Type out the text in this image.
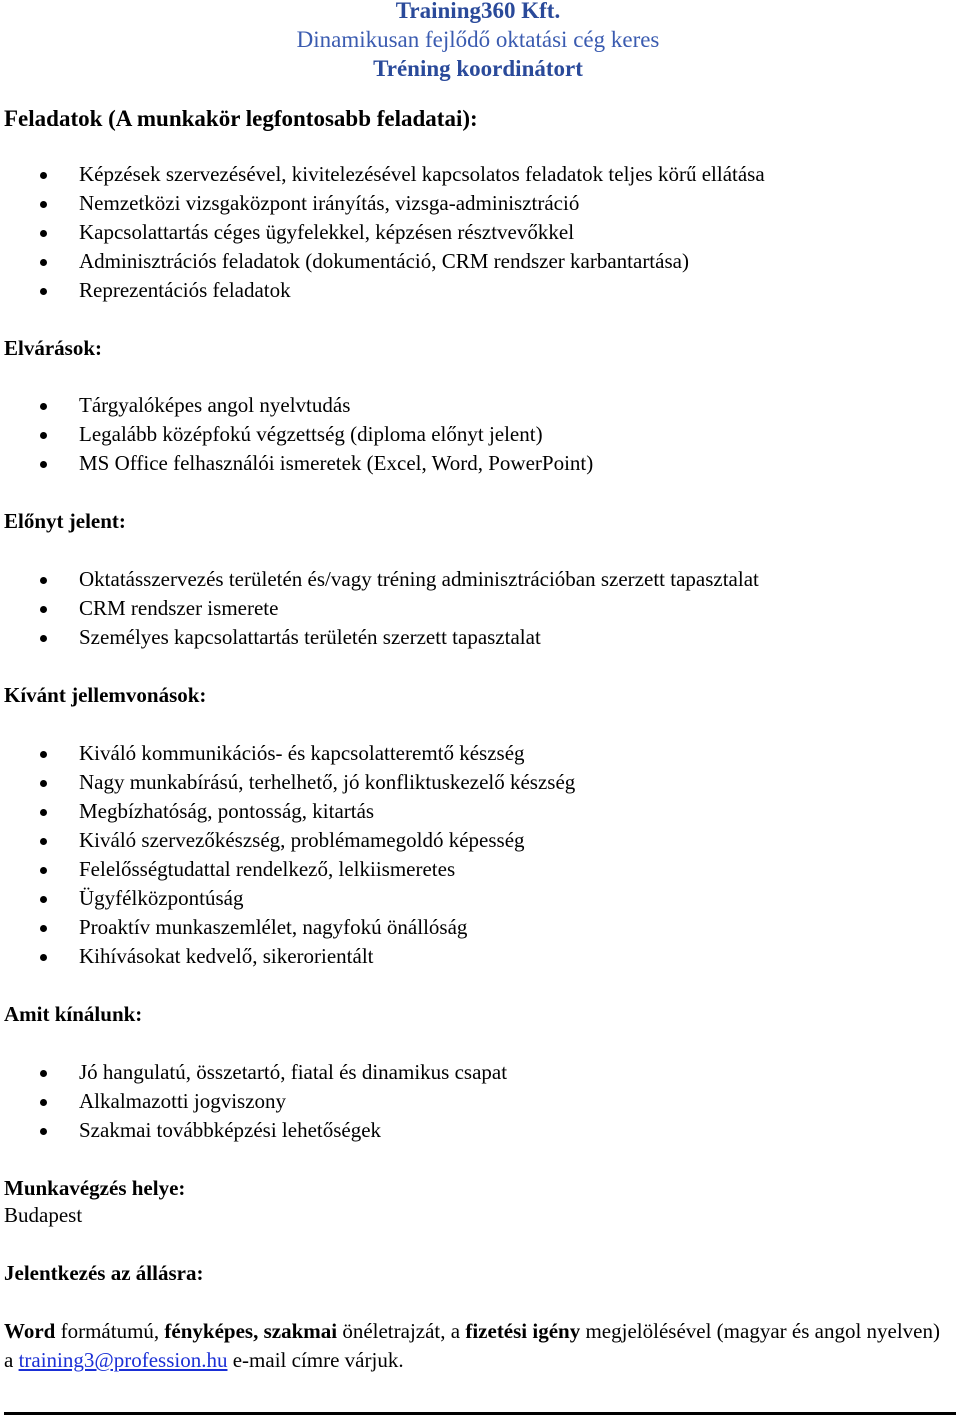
Training360 Kft.
Dinamikusan fejlődő oktatási cég keres
Tréning koordinátort

Feladatok (A munkakör legfontosabb feladatai):

Képzések szervezésével, kivitelezésével kapcsolatos feladatok teljes körű ellátása
Nemzetközi vizsgaközpont irányítás, vizsga-adminisztráció
Kapcsolattartás céges ügyfelekkel, képzésen résztvevőkkel
Adminisztrációs feladatok (dokumentáció, CRM rendszer karbantartása)
Reprezentációs feladatok

Elvárások:

Tárgyalóképes angol nyelvtudás
Legalább középfokú végzettség (diploma előnyt jelent)
MS Office felhasználói ismeretek (Excel, Word, PowerPoint)

Előnyt jelent:

Oktatásszervezés területén és/vagy tréning adminisztrációban szerzett tapasztalat
CRM rendszer ismerete
Személyes kapcsolattartás területén szerzett tapasztalat

Kívánt jellemvonások:

Kiváló kommunikációs- és kapcsolatteremtő készség
Nagy munkabírású, terhelhető, jó konfliktuskezelő készség
Megbízhatóság, pontosság, kitartás
Kiváló szervezőkészség, problémamegoldó képesség
Felelősségtudattal rendelkező, lelkiismeretes
Ügyfélközpontúság
Proaktív munkaszemlélet, nagyfokú önállóság
Kihívásokat kedvelő, sikerorientált

Amit kínálunk:

Jó hangulatú, összetartó, fiatal és dinamikus csapat
Alkalmazotti jogviszony
Szakmai továbbképzési lehetőségek

Munkavégzés helye:

Budapest

Jelentkezés az állásra:

Word formátumú, fényképes, szakmai önéletrajzát, a fizetési igény megjelölésével (magyar és angol nyelven) a training3@profession.hu e-mail címre várjuk.
